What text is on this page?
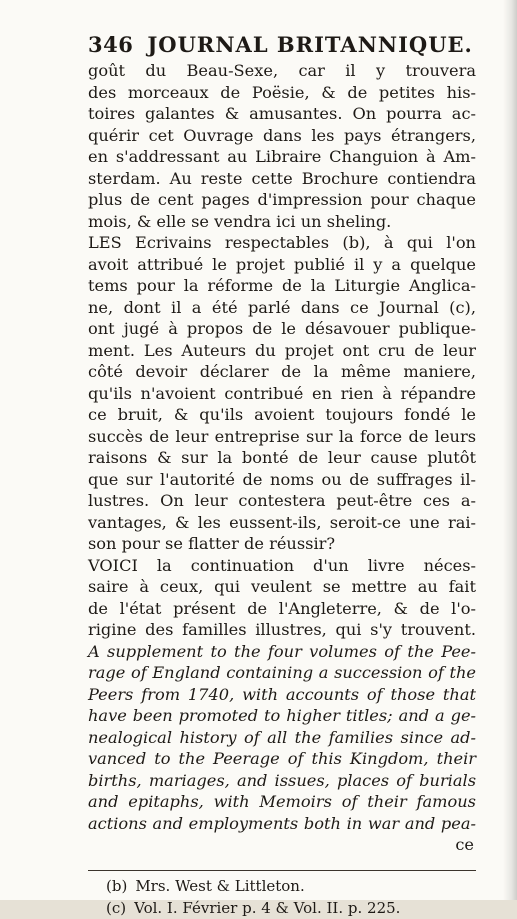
346 JOURNAL BRITANNIQUE.
goût du Beau-Sexe, car il y trouvera
des morceaux de Poësie, & de petites his-
toires galantes & amusantes. On pourra ac-
quérir cet Ouvrage dans les pays étrangers,
en s'addressant au Libraire Changuion à Am-
sterdam. Au reste cette Brochure contiendra
plus de cent pages d'impression pour chaque
mois, & elle se vendra ici un sheling.
LES Ecrivains respectables (b), à qui l'on
avoit attribué le projet publié il y a quelque
tems pour la réforme de la Liturgie Anglica-
ne, dont il a été parlé dans ce Journal (c),
ont jugé à propos de le désavouer publique-
ment. Les Auteurs du projet ont cru de leur
côté devoir déclarer de la même maniere,
qu'ils n'avoient contribué en rien à répandre
ce bruit, & qu'ils avoient toujours fondé le
succès de leur entreprise sur la force de leurs
raisons & sur la bonté de leur cause plutôt
que sur l'autorité de noms ou de suffrages il-
lustres. On leur contestera peut-être ces a-
vantages, & les eussent-ils, seroit-ce une rai-
son pour se flatter de réussir?
VOICI la continuation d'un livre néces-
saire à ceux, qui veulent se mettre au fait
de l'état présent de l'Angleterre, & de l'o-
rigine des familles illustres, qui s'y trouvent.
A supplement to the four volumes of the Pee-
rage of England containing a succession of the
Peers from 1740, with accounts of those that
have been promoted to higher titles; and a ge-
nealogical history of all the families since ad-
vanced to the Peerage of this Kingdom, their
births, mariages, and issues, places of burials
and epitaphs, with Memoirs of their famous
actions and employments both in war and pea-
ce
(b) Mrs. West & Littleton.
(c) Vol. I. Février p. 4 & Vol. II. p. 225.
